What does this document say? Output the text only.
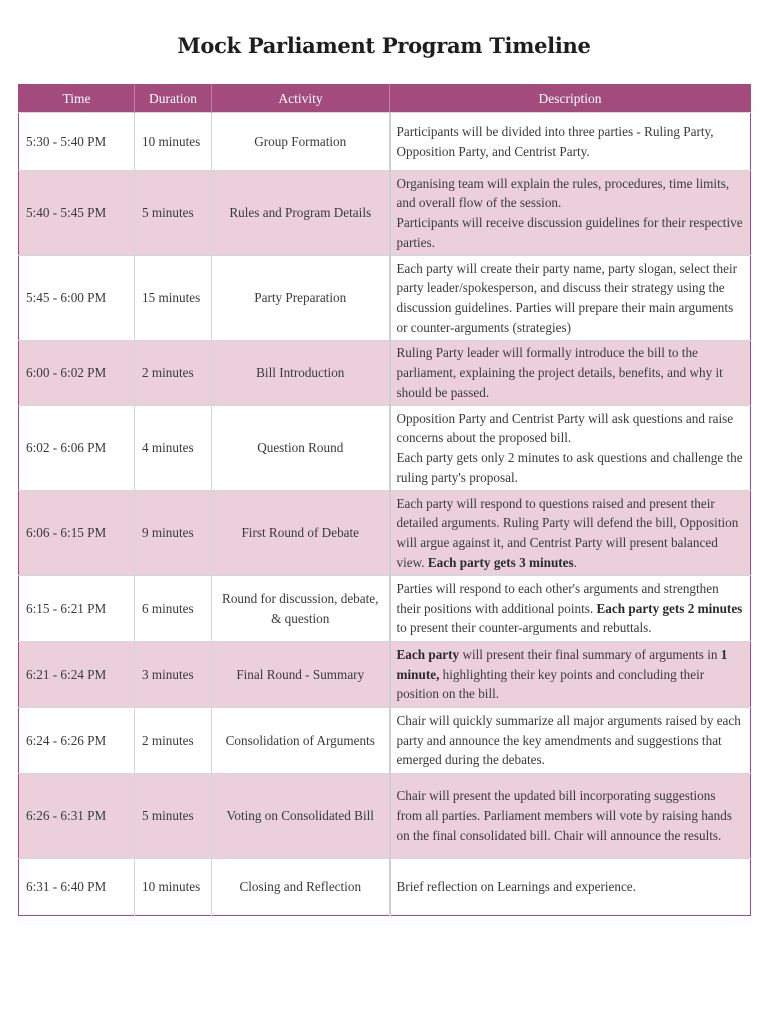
Mock Parliament Program Timeline
Time	Duration	Activity	Description
5:30 - 5:40 PM	10 minutes	Group Formation	Participants will be divided into three parties - Ruling Party, Opposition Party, and Centrist Party.
5:40 - 5:45 PM	5 minutes	Rules and Program Details	Organising team will explain the rules, procedures, time limits, and overall flow of the session.
Participants will receive discussion guidelines for their respective parties.
5:45 - 6:00 PM	15 minutes	Party Preparation	Each party will create their party name, party slogan, select their party leader/spokesperson, and discuss their strategy using the discussion guidelines. Parties will prepare their main arguments or counter-arguments (strategies)
6:00 - 6:02 PM	2 minutes	Bill Introduction	Ruling Party leader will formally introduce the bill to the parliament, explaining the project details, benefits, and why it should be passed.
6:02 - 6:06 PM	4 minutes	Question Round	Opposition Party and Centrist Party will ask questions and raise concerns about the proposed bill.
Each party gets only 2 minutes to ask questions and challenge the ruling party's proposal.
6:06 - 6:15 PM	9 minutes	First Round of Debate	Each party will respond to questions raised and present their detailed arguments. Ruling Party will defend the bill, Opposition will argue against it, and Centrist Party will present balanced view. Each party gets 3 minutes.
6:15 - 6:21 PM	6 minutes	Round for discussion, debate, & question	Parties will respond to each other's arguments and strengthen their positions with additional points. Each party gets 2 minutes to present their counter-arguments and rebuttals.
6:21 - 6:24 PM	3 minutes	Final Round - Summary	Each party will present their final summary of arguments in 1 minute, highlighting their key points and concluding their position on the bill.
6:24 - 6:26 PM	2 minutes	Consolidation of Arguments	Chair will quickly summarize all major arguments raised by each party and announce the key amendments and suggestions that emerged during the debates.
6:26 - 6:31 PM	5 minutes	Voting on Consolidated Bill	Chair will present the updated bill incorporating suggestions from all parties. Parliament members will vote by raising hands on the final consolidated bill. Chair will announce the results.
6:31 - 6:40 PM	10 minutes	Closing and Reflection	Brief reflection on Learnings and experience.
